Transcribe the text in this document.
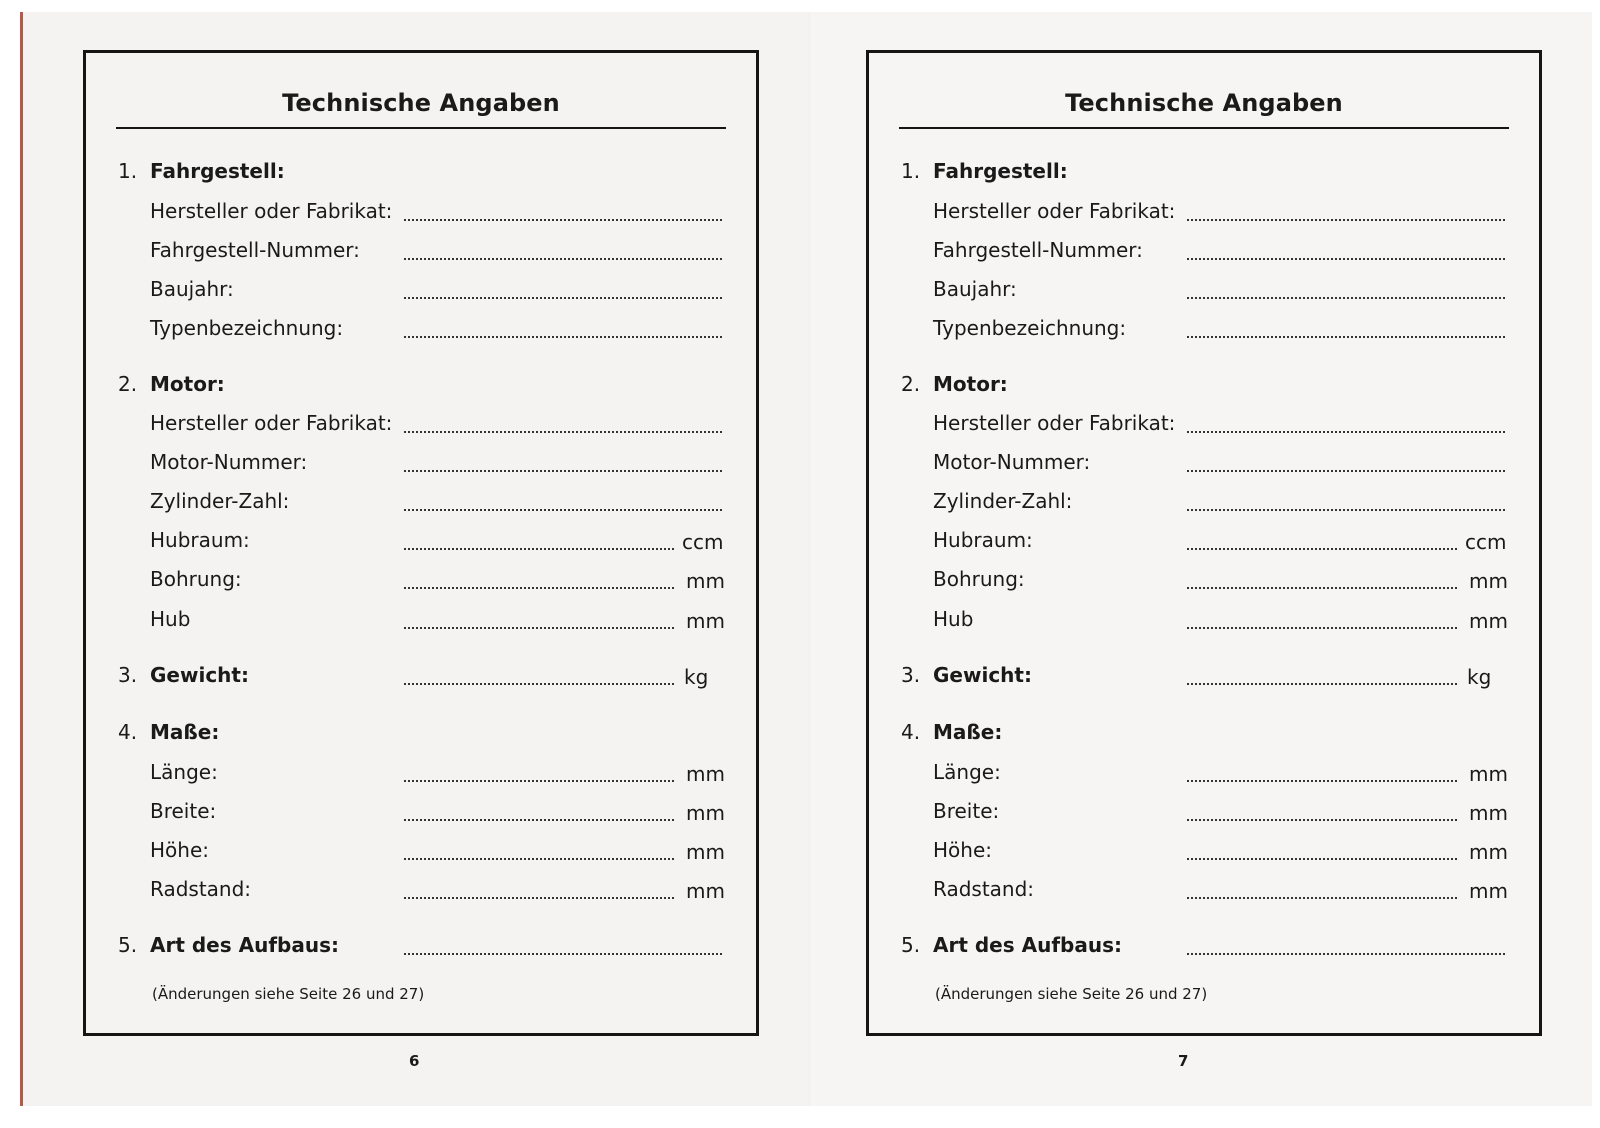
Technische Angaben
1. Fahrgestell:
Hersteller oder Fabrikat:
Fahrgestell-Nummer:
Baujahr:
Typenbezeichnung:
2. Motor:
Hersteller oder Fabrikat:
Motor-Nummer:
Zylinder-Zahl:
Hubraum:	ccm
Bohrung:	mm
Hub	mm
3. Gewicht:	kg
4. Maße:
Länge:	mm
Breite:	mm
Höhe:	mm
Radstand:	mm
5. Art des Aufbaus:
(Änderungen siehe Seite 26 und 27)
6
Technische Angaben
1. Fahrgestell:
Hersteller oder Fabrikat:
Fahrgestell-Nummer:
Baujahr:
Typenbezeichnung:
2. Motor:
Hersteller oder Fabrikat:
Motor-Nummer:
Zylinder-Zahl:
Hubraum:	ccm
Bohrung:	mm
Hub	mm
3. Gewicht:	kg
4. Maße:
Länge:	mm
Breite:	mm
Höhe:	mm
Radstand:	mm
5. Art des Aufbaus:
(Änderungen siehe Seite 26 und 27)
7
